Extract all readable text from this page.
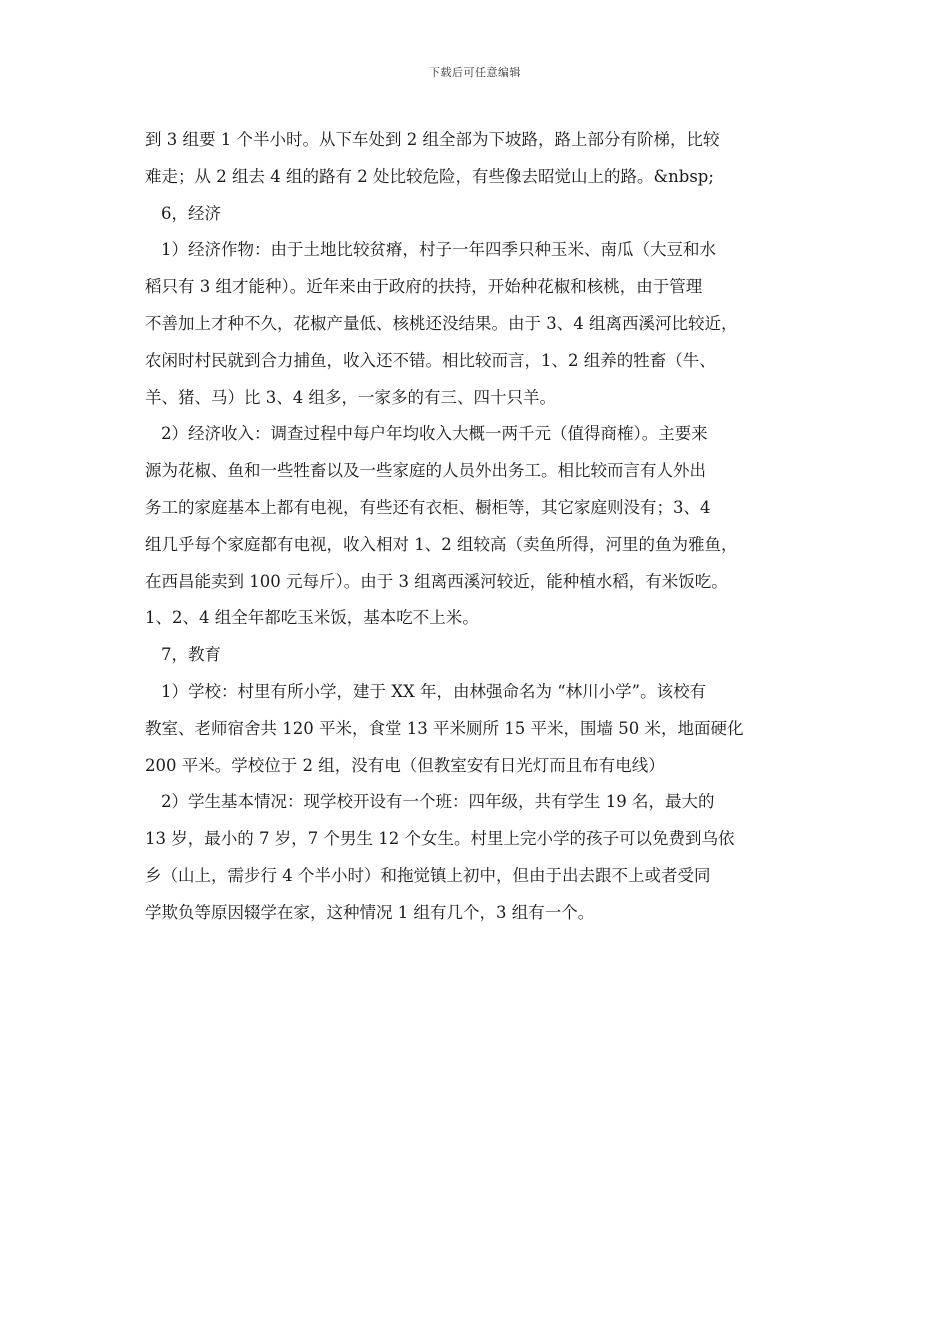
下载后可任意编辑
到 3 组要 1 个半小时。从下车处到 2 组全部为下坡路，路上部分有阶梯，比较
难走；从 2 组去 4 组的路有 2 处比较危险，有些像去昭觉山上的路。&nbsp;
6，经济
1）经济作物：由于土地比较贫瘠，村子一年四季只种玉米、南瓜（大豆和水
稻只有 3 组才能种）。近年来由于政府的扶持，开始种花椒和核桃，由于管理
不善加上才种不久，花椒产量低、核桃还没结果。由于 3、4 组离西溪河比较近，
农闲时村民就到合力捕鱼，收入还不错。相比较而言，1、2 组养的牲畜（牛、
羊、猪、马）比 3、4 组多，一家多的有三、四十只羊。
2）经济收入：调查过程中每户年均收入大概一两千元（值得商榷）。主要来
源为花椒、鱼和一些牲畜以及一些家庭的人员外出务工。相比较而言有人外出
务工的家庭基本上都有电视，有些还有衣柜、橱柜等，其它家庭则没有；3、4
组几乎每个家庭都有电视，收入相对 1、2 组较高（卖鱼所得，河里的鱼为雅鱼，
在西昌能卖到 100 元每斤）。由于 3 组离西溪河较近，能种植水稻，有米饭吃。
1、2、4 组全年都吃玉米饭，基本吃不上米。
7，教育
1）学校：村里有所小学，建于 XX 年，由林强命名为 “林川小学”。该校有
教室、老师宿舍共 120 平米，食堂 13 平米厕所 15 平米，围墙 50 米，地面硬化
200 平米。学校位于 2 组，没有电（但教室安有日光灯而且布有电线）
2）学生基本情况：现学校开设有一个班：四年级，共有学生 19 名，最大的
13 岁，最小的 7 岁，7 个男生 12 个女生。村里上完小学的孩子可以免费到乌依
乡（山上，需步行 4 个半小时）和拖觉镇上初中，但由于出去跟不上或者受同
学欺负等原因辍学在家，这种情况 1 组有几个，3 组有一个。
